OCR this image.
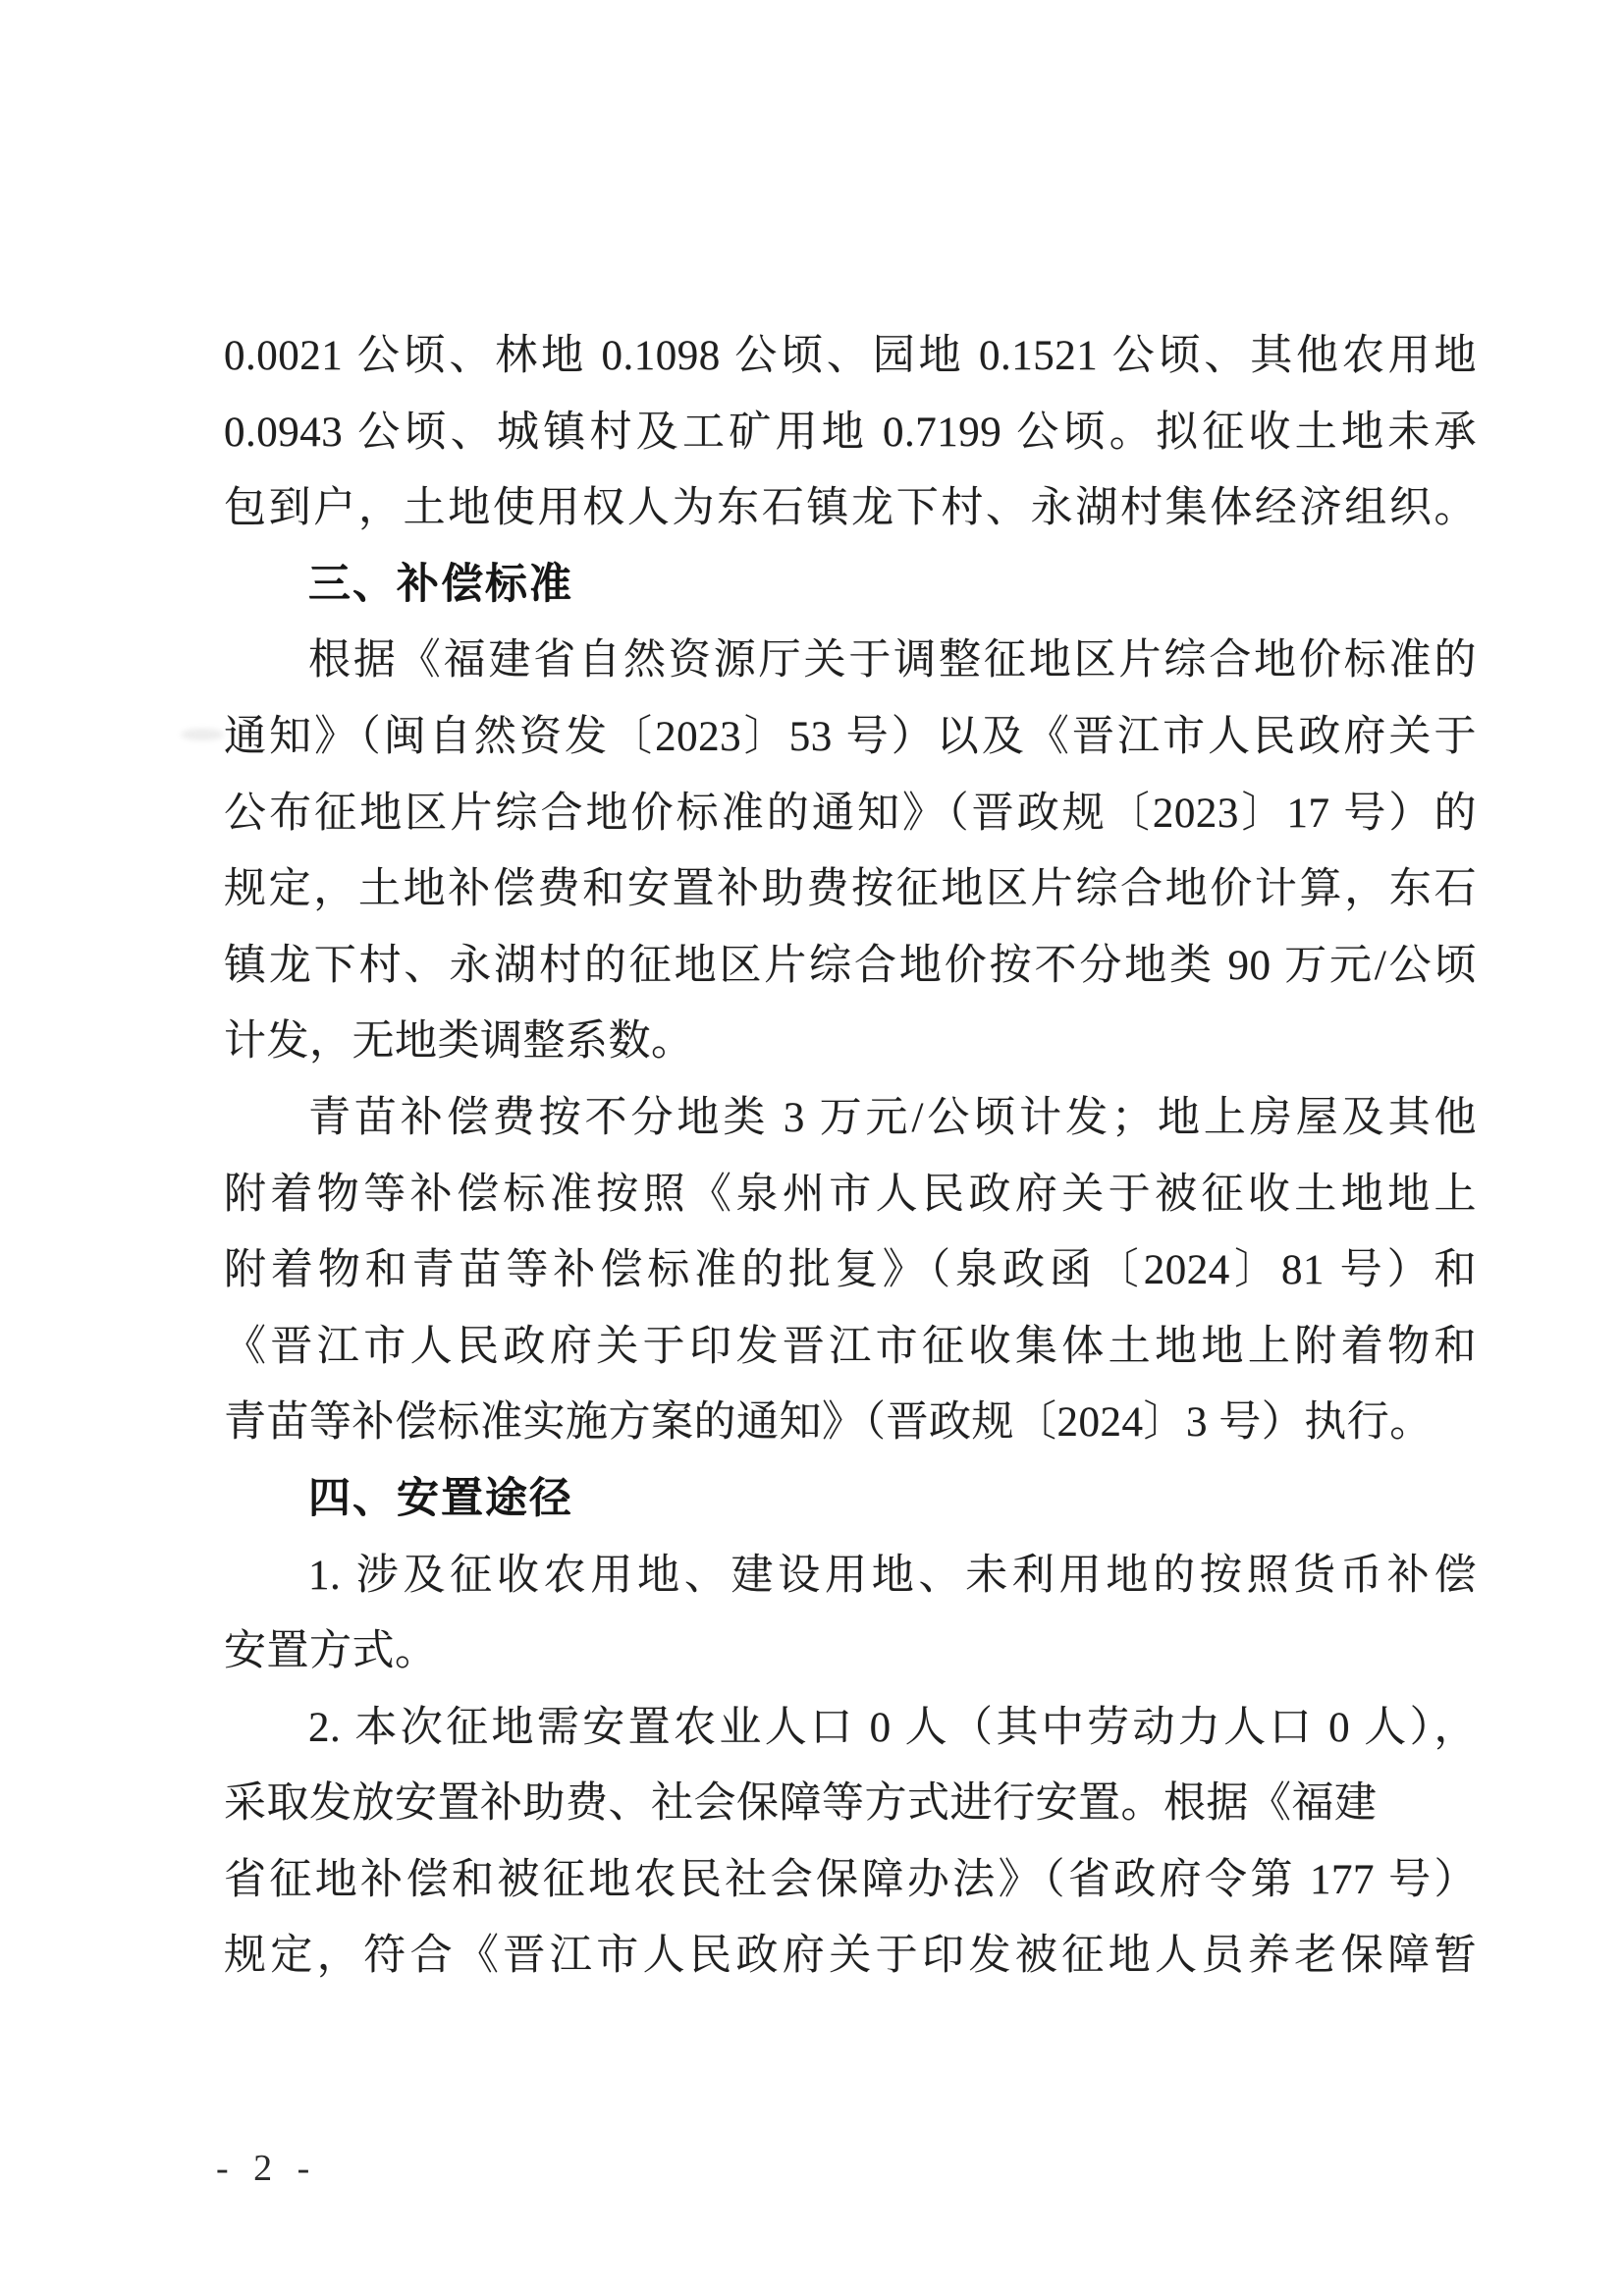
0.0021 公顷、林地 0.1098 公顷、园地 0.1521 公顷、其他农用地
0.0943 公顷、城镇村及工矿用地 0.7199 公顷。拟征收土地未承
包到户，土地使用权人为东石镇龙下村、永湖村集体经济组织。
三、补偿标准
根据《福建省自然资源厅关于调整征地区片综合地价标准的
通知》（闽自然资发〔2023〕53 号）以及《晋江市人民政府关于
公布征地区片综合地价标准的通知》（晋政规〔2023〕17 号）的
规定，土地补偿费和安置补助费按征地区片综合地价计算，东石
镇龙下村、永湖村的征地区片综合地价按不分地类 90 万元/公顷
计发，无地类调整系数。
青苗补偿费按不分地类 3 万元/公顷计发；地上房屋及其他
附着物等补偿标准按照《泉州市人民政府关于被征收土地地上
附着物和青苗等补偿标准的批复》（泉政函〔2024〕81 号）和
《晋江市人民政府关于印发晋江市征收集体土地地上附着物和
青苗等补偿标准实施方案的通知》（晋政规〔2024〕3 号）执行。
四、安置途径
1. 涉及征收农用地、建设用地、未利用地的按照货币补偿
安置方式。
2. 本次征地需安置农业人口 0 人（其中劳动力人口 0 人），
采取发放安置补助费、社会保障等方式进行安置。根据《福建
省征地补偿和被征地农民社会保障办法》（省政府令第 177 号）
规定，符合《晋江市人民政府关于印发被征地人员养老保障暂
- 2 -
